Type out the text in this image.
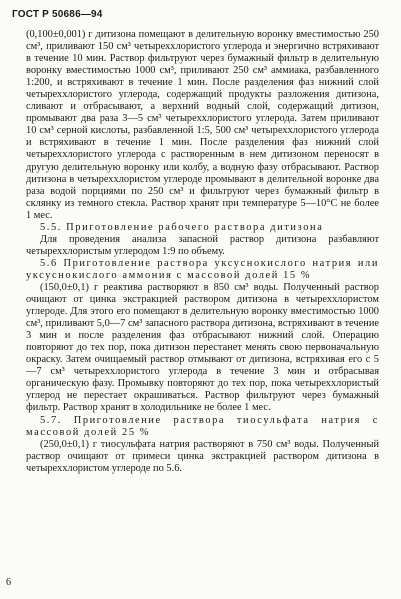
ГОСТ Р 50686—94

(0,100±0,001) г дитизона помещают в делительную воронку вместимостью 250 см³, приливают 150 см³ четыреххлористого углерода и энергично встряхивают в течение 10 мин. Раствор фильтруют через бумажный фильтр в делительную воронку вместимостью 1000 см³, приливают 250 см³ аммиака, разбавленного 1:200, и встряхивают в течение 1 мин. После разделения фаз нижний слой четыреххлористого углерода, содержащий продукты разложения дитизона, сливают и отбрасывают, а верхний водный слой, содержащий дитизон, промывают два раза 3—5 см³ четыреххлористого углерода. Затем приливают 10 см³ серной кислоты, разбавленной 1:5, 500 см³ четыреххлористого углерода и встряхивают в течение 1 мин. После разделения фаз нижний слой четыреххлористого углерода с растворенным в нем дитизоном переносят в другую делительную воронку или колбу, а водную фазу отбрасывают. Раствор дитизона в четыреххлористом углероде промывают в делительной воронке два раза водой порциями по 250 см³ и фильтруют через бумажный фильтр в склянку из темного стекла. Раствор хранят при температуре 5—10°С не более 1 мес.

5.5. Приготовление рабочего раствора дитизона

Для проведения анализа запасной раствор дитизона разбавляют четыреххлористым углеродом 1:9 по объему.

5.6 Приготовление раствора уксуснокислого натрия или уксуснокислого аммония с массовой долей 15 %

(150,0±0,1) г реактива растворяют в 850 см³ воды. Полученный раствор очищают от цинка экстракцией раствором дитизона в четыреххлористом углероде. Для этого его помещают в делительную воронку вместимостью 1000 см³, приливают 5,0—7 см³ запасного раствора дитизона, встряхивают в течение 3 мин и после разделения фаз отбрасывают нижний слой. Операцию повторяют до тех пор, пока дитизон перестанет менять свою первоначальную окраску. Затем очищаемый раствор отмывают от дитизона, встряхивая его с 5—7 см³ четыреххлористого углерода в течение 3 мин и отбрасывая органическую фазу. Промывку повторяют до тех пор, пока четыреххлористый углерод не перестает окрашиваться. Раствор фильтруют через бумажный фильтр. Раствор хранят в холодильнике не более 1 мес.

5.7. Приготовление раствора тиосульфата натрия с массовой долей 25 %

(250,0±0,1) г тиосульфата натрия растворяют в 750 см³ воды. Полученный раствор очищают от примеси цинка экстракцией раствором дитизона в четыреххлористом углероде по 5.6.

6
